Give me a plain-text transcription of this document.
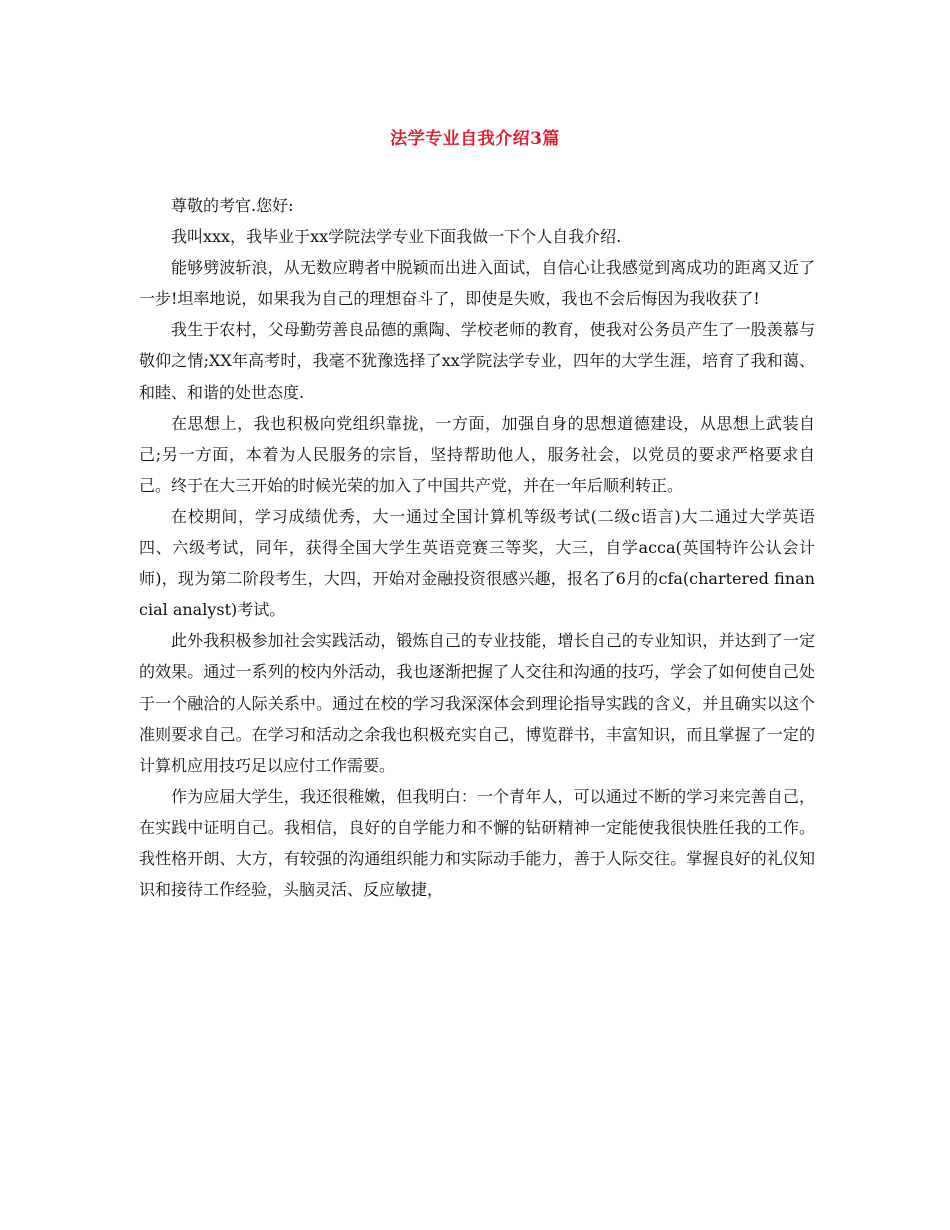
法学专业自我介绍3篇

尊敬的考官.您好:

我叫xxx，我毕业于xx学院法学专业下面我做一下个人自我介绍.

能够劈波斩浪，从无数应聘者中脱颖而出进入面试，自信心让我感觉到离成功的距离又近了一步!坦率地说，如果我为自己的理想奋斗了，即使是失败，我也不会后悔因为我收获了!

我生于农村，父母勤劳善良品德的熏陶、学校老师的教育，使我对公务员产生了一股羡慕与敬仰之情;XX年高考时，我毫不犹豫选择了xx学院法学专业，四年的大学生涯，培育了我和蔼、和睦、和谐的处世态度.

在思想上，我也积极向党组织靠拢，一方面，加强自身的思想道德建设，从思想上武装自己;另一方面，本着为人民服务的宗旨，坚持帮助他人，服务社会，以党员的要求严格要求自己。终于在大三开始的时候光荣的加入了中国共产党，并在一年后顺利转正。

在校期间，学习成绩优秀，大一通过全国计算机等级考试(二级c语言)大二通过大学英语四、六级考试，同年，获得全国大学生英语竞赛三等奖，大三，自学acca(英国特许公认会计师)，现为第二阶段考生，大四，开始对金融投资很感兴趣，报名了6月的cfa(chartered financial analyst)考试。

此外我积极参加社会实践活动，锻炼自己的专业技能，增长自己的专业知识，并达到了一定的效果。通过一系列的校内外活动，我也逐渐把握了人交往和沟通的技巧，学会了如何使自己处于一个融洽的人际关系中。通过在校的学习我深深体会到理论指导实践的含义，并且确实以这个准则要求自己。在学习和活动之余我也积极充实自己，博览群书，丰富知识，而且掌握了一定的计算机应用技巧足以应付工作需要。

作为应届大学生，我还很稚嫩，但我明白：一个青年人，可以通过不断的学习来完善自己，在实践中证明自己。我相信，良好的自学能力和不懈的钻研精神一定能使我很快胜任我的工作。我性格开朗、大方，有较强的沟通组织能力和实际动手能力，善于人际交往。掌握良好的礼仪知识和接待工作经验，头脑灵活、反应敏捷，
